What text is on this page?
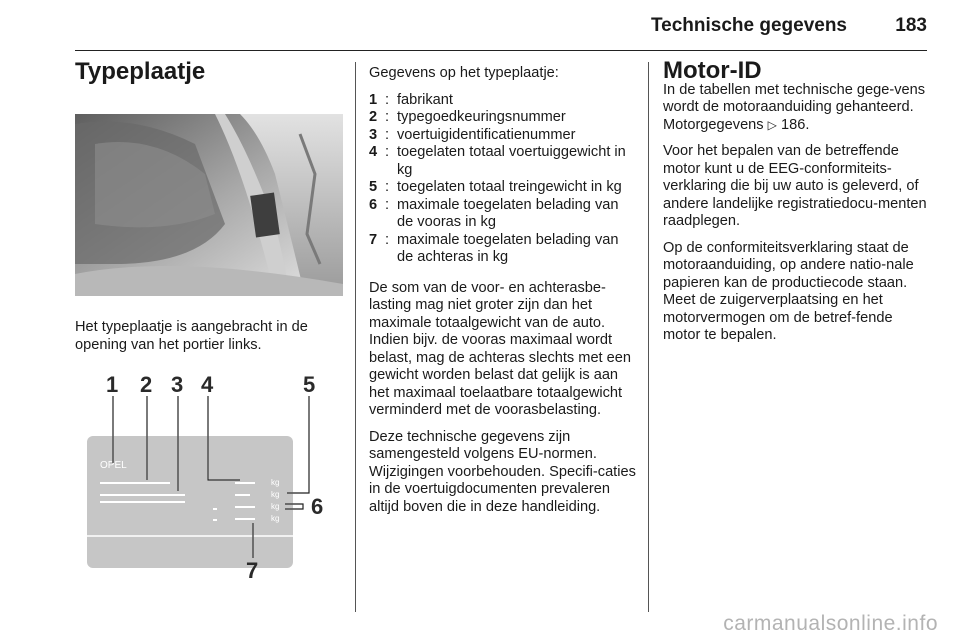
Technische gegevens	183
Typeplaatje

Het typeplaatje is aangebracht in de opening van het portier links.

OPEL
kg
kg
kg
kg
1 2 3 4	5
6
7

Gegevens op het typeplaatje:

1 : fabrikant
2 : typegoedkeuringsnummer
3 : voertuigidentificatienummer
4 : toegelaten totaal voertuiggewicht in kg
5 : toegelaten totaal treingewicht in kg
6 : maximale toegelaten belading van de vooras in kg
7 : maximale toegelaten belading van de achteras in kg

De som van de voor- en achterasbe-lasting mag niet groter zijn dan het maximale totaalgewicht van de auto. Indien bijv. de vooras maximaal wordt belast, mag de achteras slechts met een gewicht worden belast dat gelijk is aan het maximaal toelaatbare totaalgewicht verminderd met de voorasbelasting.

Deze technische gegevens zijn samengesteld volgens EU-normen. Wijzigingen voorbehouden. Specifi-caties in de voertuigdocumenten prevaleren altijd boven die in deze handleiding.

Motor-ID

In de tabellen met technische gege-vens wordt de motoraanduiding gehanteerd. Motorgegevens ▷ 186.

Voor het bepalen van de betreffende motor kunt u de EEG-conformiteits-verklaring die bij uw auto is geleverd, of andere landelijke registratiedocu-menten raadplegen.

Op de conformiteitsverklaring staat de motoraanduiding, op andere natio-nale papieren kan de productiecode staan. Meet de zuigerverplaatsing en het motorvermogen om de betref-fende motor te bepalen.

carmanualsonline.info
